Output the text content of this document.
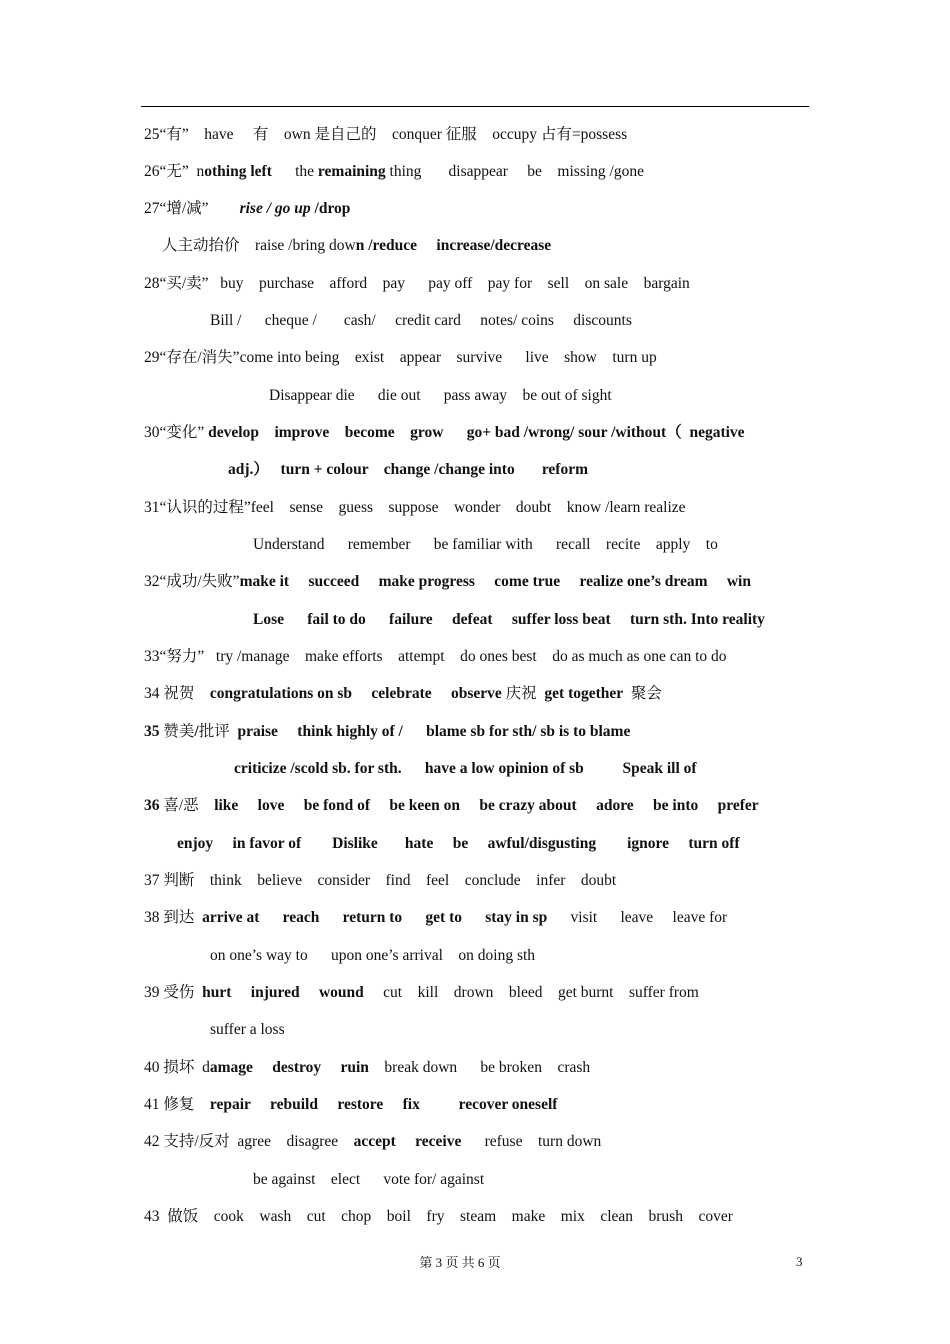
25“有”    have     有    own 是自己的    conquer 征服    occupy 占有=possess
26“无”  nothing left      the remaining thing       disappear     be    missing /gone
27“增/减”        rise / go up /drop
人主动抬价    raise /bring down /reduce     increase/decrease
28“买/卖”   buy    purchase    afford    pay      pay off    pay for    sell    on sale    bargain
Bill /      cheque /       cash/     credit card     notes/ coins     discounts
29“存在/消失”come into being    exist    appear    survive      live    show    turn up
Disappear die      die out      pass away    be out of sight
30“变化” develop    improve    become    grow      go+ bad /wrong/ sour /without（  negative
adj.）   turn + colour    change /change into       reform
31“认识的过程”feel    sense    guess    suppose    wonder    doubt    know /learn realize
Understand      remember      be familiar with      recall    recite    apply    to
32“成功/失败”make it     succeed     make progress     come true     realize one’s dream     win
Lose      fail to do      failure     defeat     suffer loss beat     turn sth. Into reality
33“努力”   try /manage    make efforts    attempt    do ones best    do as much as one can to do
34 祝贺    congratulations on sb     celebrate     observe 庆祝  get together  聚会
35 赞美/批评  praise     think highly of /      blame sb for sth/ sb is to blame
criticize /scold sb. for sth.      have a low opinion of sb          Speak ill of
36 喜/恶    like     love     be fond of     be keen on     be crazy about     adore     be into     prefer
enjoy     in favor of        Dislike       hate     be     awful/disgusting        ignore     turn off
37 判断    think    believe    consider    find    feel    conclude    infer    doubt
38 到达  arrive at      reach      return to      get to      stay in sp      visit      leave     leave for
on one’s way to      upon one’s arrival    on doing sth
39 受伤  hurt     injured     wound     cut    kill    drown    bleed    get burnt    suffer from
suffer a loss
40 损坏  damage     destroy     ruin    break down      be broken    crash
41 修复    repair     rebuild     restore     fix          recover oneself
42 支持/反对  agree    disagree    accept     receive      refuse    turn down
be against    elect      vote for/ against
43  做饭    cook    wash    cut    chop    boil    fry    steam    make    mix    clean    brush    cover
第 3 页 共 6 页	3
